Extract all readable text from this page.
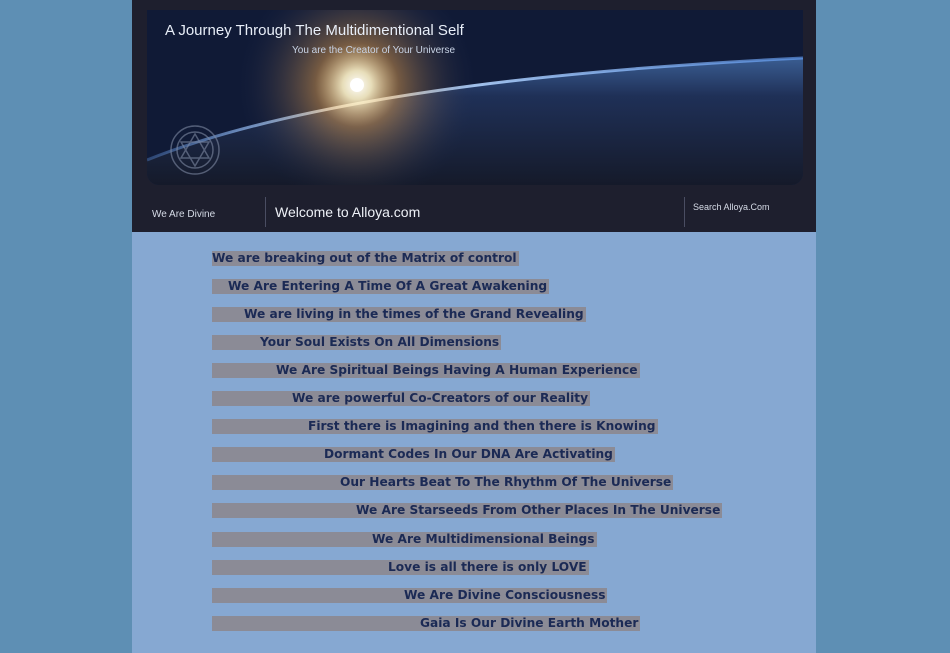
A Journey Through The Multidimentional Self
You are the Creator of Your Universe
We Are Divine	Welcome to Alloya.com	Search Alloya.Com
We are breaking out of the Matrix of control
We Are Entering A Time Of A Great Awakening
We are living in the times of the Grand Revealing
Your Soul Exists On All Dimensions
We Are Spiritual Beings Having A Human Experience
We are powerful Co-Creators of our Reality
First there is Imagining and then there is Knowing
Dormant Codes In Our DNA Are Activating
Our Hearts Beat To The Rhythm Of The Universe
We Are Starseeds From Other Places In The Universe
We Are Multidimensional Beings
Love is all there is only LOVE
We Are Divine Consciousness
Gaia Is Our Divine Earth Mother
